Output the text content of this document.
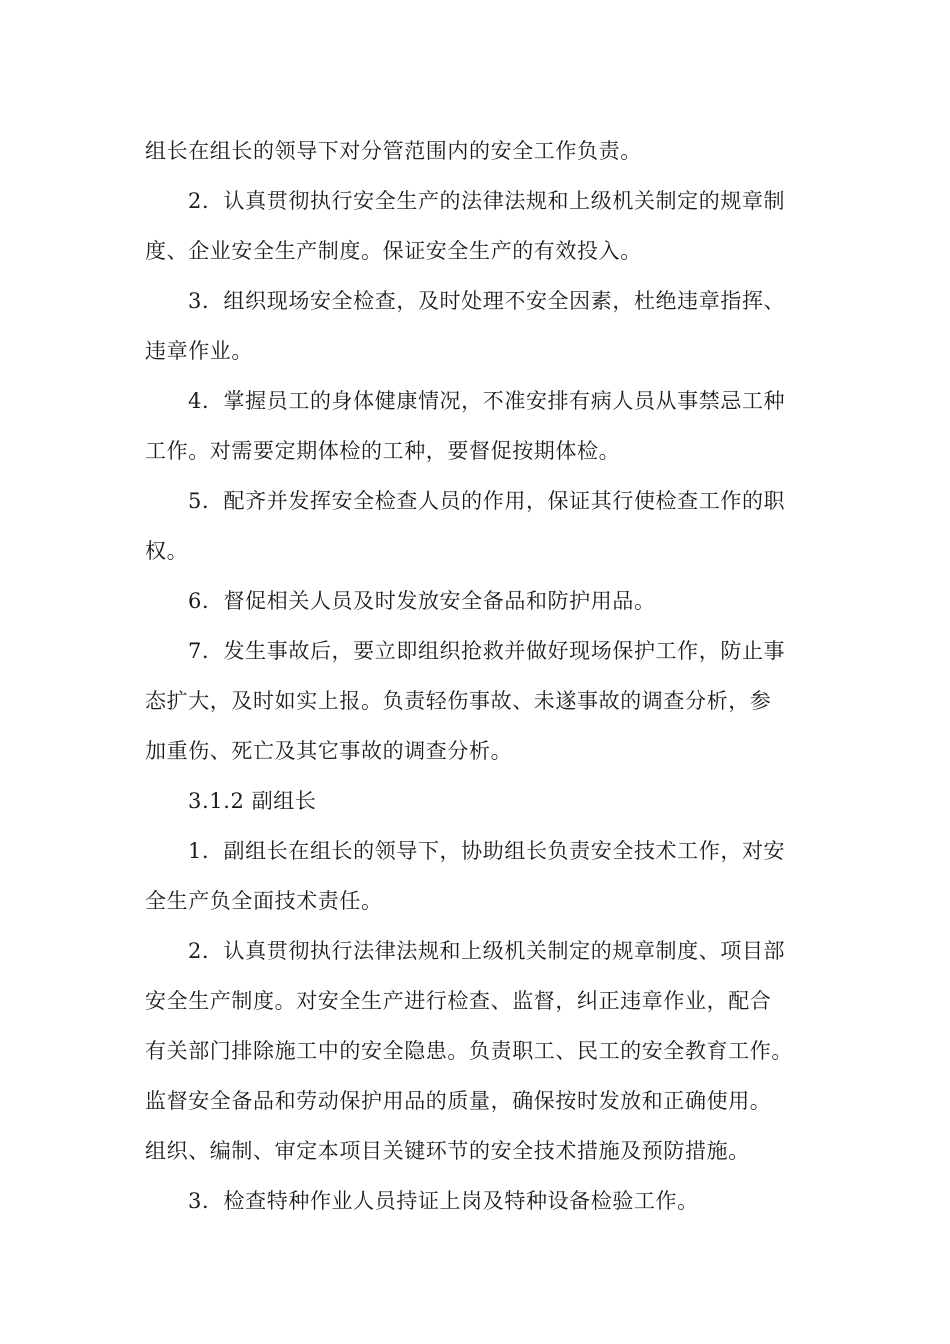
组长在组长的领导下对分管范围内的安全工作负责。
2．认真贯彻执行安全生产的法律法规和上级机关制定的规章制
度、企业安全生产制度。保证安全生产的有效投入。
3．组织现场安全检查，及时处理不安全因素，杜绝违章指挥、
违章作业。
4．掌握员工的身体健康情况，不准安排有病人员从事禁忌工种
工作。对需要定期体检的工种，要督促按期体检。
5．配齐并发挥安全检查人员的作用，保证其行使检查工作的职
权。
6．督促相关人员及时发放安全备品和防护用品。
7．发生事故后，要立即组织抢救并做好现场保护工作，防止事
态扩大，及时如实上报。负责轻伤事故、未遂事故的调查分析，参
加重伤、死亡及其它事故的调查分析。
3.1.2 副组长
1．副组长在组长的领导下，协助组长负责安全技术工作，对安
全生产负全面技术责任。
2．认真贯彻执行法律法规和上级机关制定的规章制度、项目部
安全生产制度。对安全生产进行检查、监督，纠正违章作业，配合
有关部门排除施工中的安全隐患。负责职工、民工的安全教育工作。
监督安全备品和劳动保护用品的质量，确保按时发放和正确使用。
组织、编制、审定本项目关键环节的安全技术措施及预防措施。
3．检查特种作业人员持证上岗及特种设备检验工作。
